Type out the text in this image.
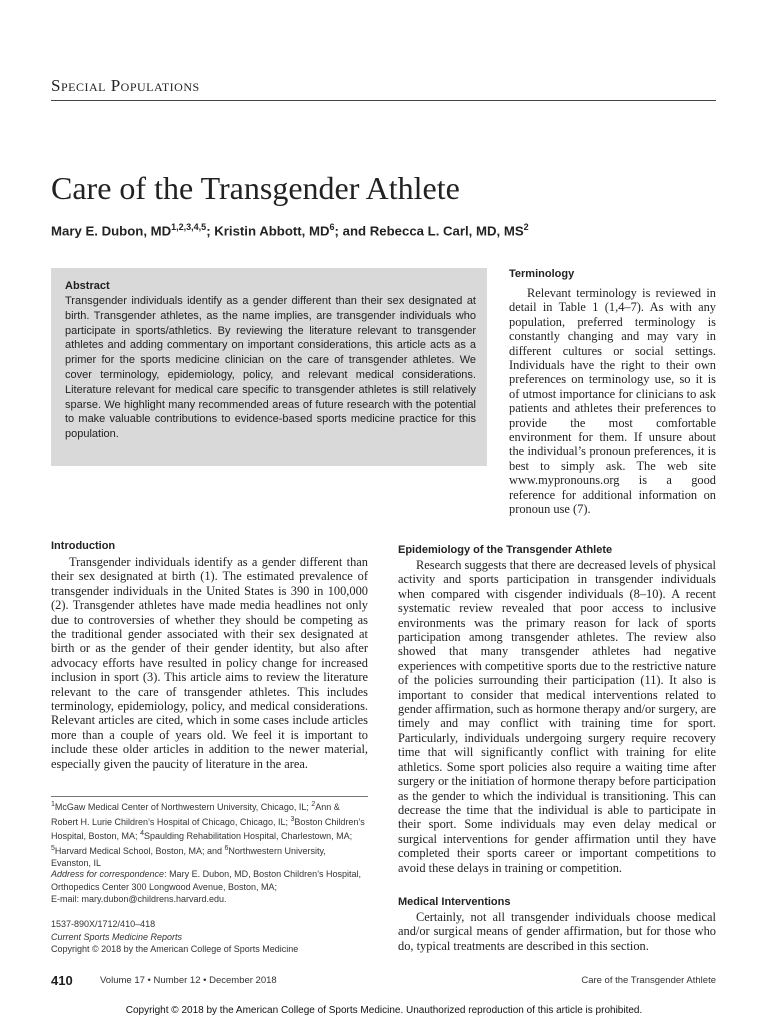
Special Populations
Care of the Transgender Athlete
Mary E. Dubon, MD$^{1,2,3,4,5}$; Kristin Abbott, $MD^6$; and Rebecca L. Carl, MD, $MS^2$
Abstract
Transgender individuals identify as a gender different than their sex designated at birth. Transgender athletes, as the name implies, are transgender individuals who participate in sports/athletics. By reviewing the literature relevant to transgender athletes and adding commentary on important considerations, this article acts as a primer for the sports medicine clinician on the care of transgender athletes. We cover terminology, epidemiology, policy, and relevant medical considerations. Literature relevant for medical care specific to transgender athletes is still relatively sparse. We highlight many recommended areas of future research with the potential to make valuable contributions to evidence-based sports medicine practice for this population.
Terminology

Relevant terminology is reviewed in detail in Table 1 (1,4–7). As with any population, preferred terminology is constantly changing and may vary in different cultures or social settings. Individuals have the right to their own preferences on terminology use, so it is of utmost importance for clinicians to ask patients and athletes their preferences to provide the most comfortable environment for them. If unsure about the individual’s pronoun preferences, it is best to simply ask. The web site www.mypronouns.org is a good reference for additional information on pronoun use (7).

Introduction

Transgender individuals identify as a gender different than their sex designated at birth (1). The estimated prevalence of transgender individuals in the United States is 390 in 100,000 (2). Transgender athletes have made media headlines not only due to controversies of whether they should be competing as the traditional gender associated with their sex designated at birth or as the gender of their gender identity, but also after advocacy efforts have resulted in policy change for increased inclusion in sport (3). This article aims to review the literature relevant to the care of transgender athletes. This includes terminology, epidemiology, policy, and medical considerations. Relevant articles are cited, which in some cases include articles more than a couple of years old. We feel it is important to include these older articles in addition to the newer material, especially given the paucity of literature in the area.

Epidemiology of the Transgender Athlete

Research suggests that there are decreased levels of physical activity and sports participation in transgender individuals when compared with cisgender individuals (8–10). A recent systematic review revealed that poor access to inclusive environments was the primary reason for lack of sports participation among transgender athletes. The review also showed that many transgender athletes had negative experiences with competitive sports due to the restrictive nature of the policies surrounding their participation (11). It also is important to consider that medical interventions related to gender affirmation, such as hormone therapy and/or surgery, are timely and may conflict with training time for sport. Particularly, individuals undergoing surgery require recovery time that will significantly conflict with training for elite athletics. Some sport policies also require a waiting time after surgery or the initiation of hormone therapy before participation as the gender to which the individual is transitioning. This can decrease the time that the individual is able to participate in their sport. Some individuals may even delay medical or surgical interventions for gender affirmation until they have completed their sports career or important competitions to avoid these delays in training or competition.

Medical Interventions

Certainly, not all transgender individuals choose medical and/or surgical means of gender affirmation, but for those who do, typical treatments are described in this section.

$^1$McGaw Medical Center of Northwestern University, Chicago, IL; $^2$Ann & Robert H. Lurie Children’s Hospital of Chicago, Chicago, IL; $^3$Boston Children’s Hospital, Boston, MA; $^4$Spaulding Rehabilitation Hospital, Charlestown, MA; $^5$Harvard Medical School, Boston, MA; and $^6$Northwestern University, Evanston, IL
Address for correspondence: Mary E. Dubon, MD, Boston Children’s Hospital, Orthopedics Center 300 Longwood Avenue, Boston, MA;
E-mail: mary.dubon@childrens.harvard.edu.
1537-890X/1712/410–418
Current Sports Medicine Reports
Copyright © 2018 by the American College of Sports Medicine
410	Volume 17 • Number 12 • December 2018	Care of the Transgender Athlete
Copyright © 2018 by the American College of Sports Medicine. Unauthorized reproduction of this article is prohibited.
